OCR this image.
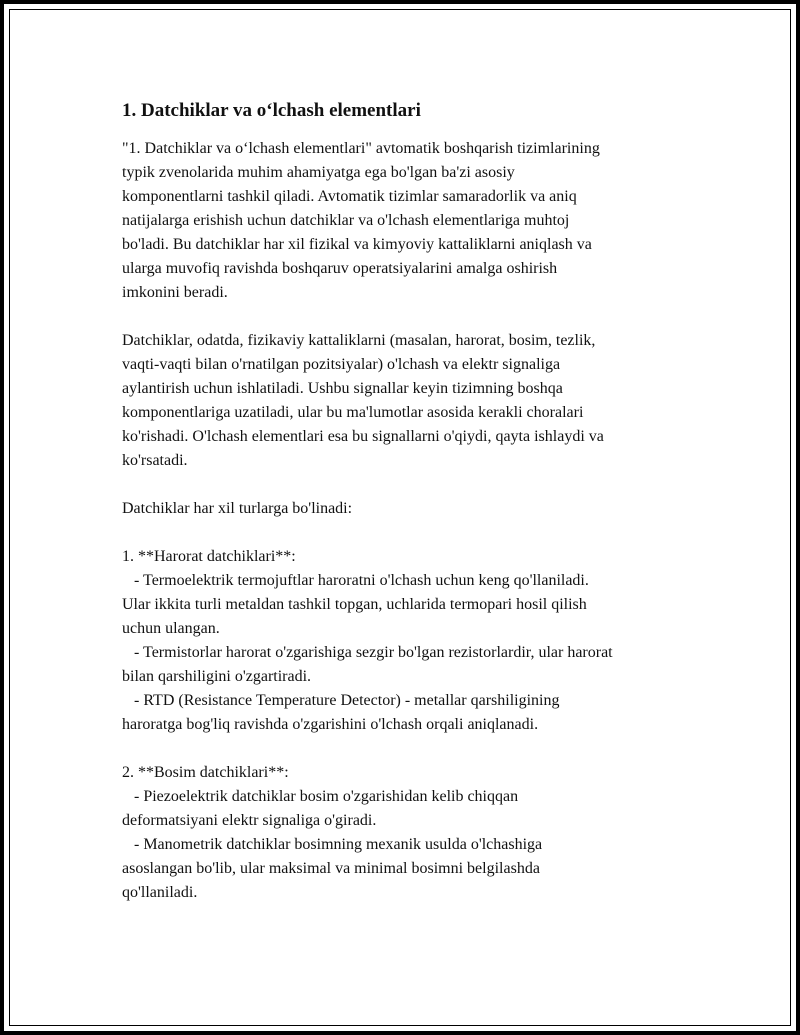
1. Datchiklar va o‘lchash elementlari

"1. Datchiklar va o‘lchash elementlari" avtomatik boshqarish tizimlarining
typik zvenolarida muhim ahamiyatga ega bo'lgan ba'zi asosiy
komponentlarni tashkil qiladi. Avtomatik tizimlar samaradorlik va aniq
natijalarga erishish uchun datchiklar va o'lchash elementlariga muhtoj
bo'ladi. Bu datchiklar har xil fizikal va kimyoviy kattaliklarni aniqlash va
ularga muvofiq ravishda boshqaruv operatsiyalarini amalga oshirish
imkonini beradi.

Datchiklar, odatda, fizikaviy kattaliklarni (masalan, harorat, bosim, tezlik,
vaqti-vaqti bilan o'rnatilgan pozitsiyalar) o'lchash va elektr signaliga
aylantirish uchun ishlatiladi. Ushbu signallar keyin tizimning boshqa
komponentlariga uzatiladi, ular bu ma'lumotlar asosida kerakli choralari
ko'rishadi. O'lchash elementlari esa bu signallarni o'qiydi, qayta ishlaydi va
ko'rsatadi.

Datchiklar har xil turlarga bo'linadi:

1. **Harorat datchiklari**:
- Termoelektrik termojuftlar haroratni o'lchash uchun keng qo'llaniladi.
Ular ikkita turli metaldan tashkil topgan, uchlarida termopari hosil qilish
uchun ulangan.
- Termistorlar harorat o'zgarishiga sezgir bo'lgan rezistorlardir, ular harorat
bilan qarshiligini o'zgartiradi.
- RTD (Resistance Temperature Detector) - metallar qarshiligining
haroratga bog'liq ravishda o'zgarishini o'lchash orqali aniqlanadi.

2. **Bosim datchiklari**:
- Piezoelektrik datchiklar bosim o'zgarishidan kelib chiqqan
deformatsiyani elektr signaliga o'giradi.
- Manometrik datchiklar bosimning mexanik usulda o'lchashiga
asoslangan bo'lib, ular maksimal va minimal bosimni belgilashda
qo'llaniladi.
